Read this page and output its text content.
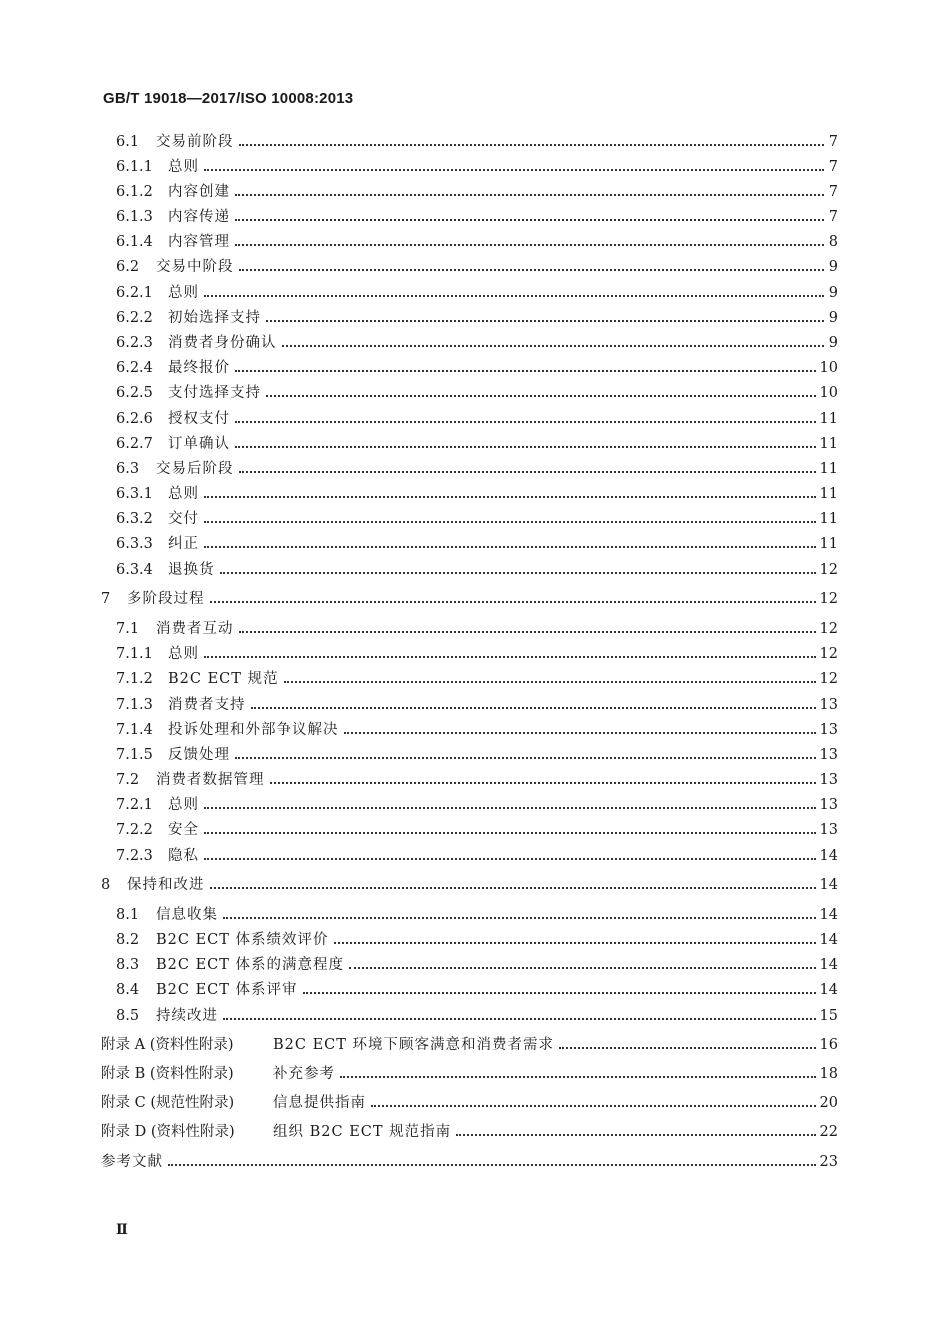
GB/T 19018—2017/ISO 10008:2013
6.1	交易前阶段	7
6.1.1	总则	7
6.1.2	内容创建	7
6.1.3	内容传递	7
6.1.4	内容管理	8
6.2	交易中阶段	9
6.2.1	总则	9
6.2.2	初始选择支持	9
6.2.3	消费者身份确认	9
6.2.4	最终报价	10
6.2.5	支付选择支持	10
6.2.6	授权支付	11
6.2.7	订单确认	11
6.3	交易后阶段	11
6.3.1	总则	11
6.3.2	交付	11
6.3.3	纠正	11
6.3.4	退换货	12
7	多阶段过程	12
7.1	消费者互动	12
7.1.1	总则	12
7.1.2	B2C ECT 规范	12
7.1.3	消费者支持	13
7.1.4	投诉处理和外部争议解决	13
7.1.5	反馈处理	13
7.2	消费者数据管理	13
7.2.1	总则	13
7.2.2	安全	13
7.2.3	隐私	14
8	保持和改进	14
8.1	信息收集	14
8.2	B2C ECT 体系绩效评价	14
8.3	B2C ECT 体系的满意程度	14
8.4	B2C ECT 体系评审	14
8.5	持续改进	15
附录 A (资料性附录)	B2C ECT 环境下顾客满意和消费者需求	16
附录 B (资料性附录)	补充参考	18
附录 C (规范性附录)	信息提供指南	20
附录 D (资料性附录)	组织 B2C ECT 规范指南	22
参考文献	23
Ⅱ
